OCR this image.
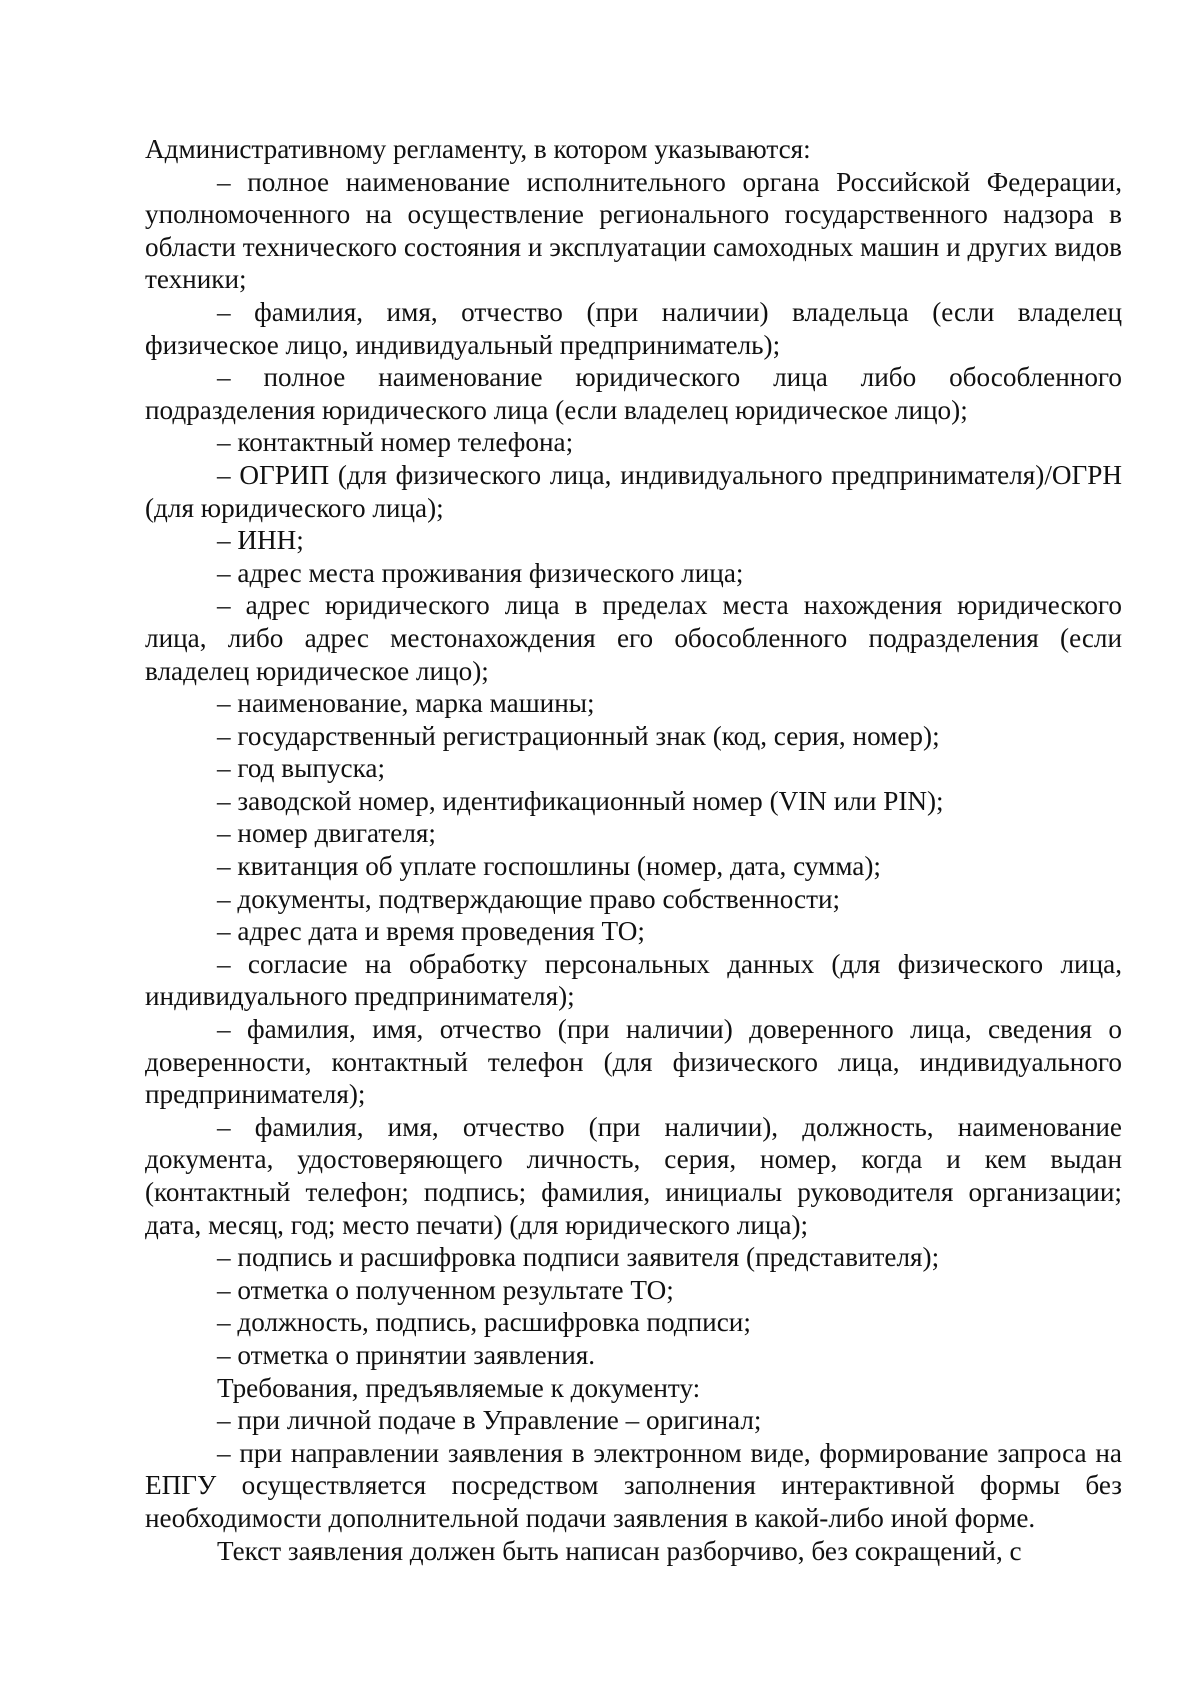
Административному регламенту, в котором указываются:

– полное наименование исполнительного органа Российской Федерации, уполномоченного на осуществление регионального государственного надзора в области технического состояния и эксплуатации самоходных машин и других видов техники;

– фамилия, имя, отчество (при наличии) владельца (если владелец физическое лицо, индивидуальный предприниматель);

– полное наименование юридического лица либо обособленного подразделения юридического лица (если владелец юридическое лицо);

– контактный номер телефона;

– ОГРИП (для физического лица, индивидуального предпринимателя)/ОГРН (для юридического лица);

– ИНН;

– адрес места проживания физического лица;

– адрес юридического лица в пределах места нахождения юридического лица, либо адрес местонахождения его обособленного подразделения (если владелец юридическое лицо);

– наименование, марка машины;

– государственный регистрационный знак (код, серия, номер);

– год выпуска;

– заводской номер, идентификационный номер (VIN или PIN);

– номер двигателя;

– квитанция об уплате госпошлины (номер, дата, сумма);

– документы, подтверждающие право собственности;

– адрес дата и время проведения ТО;

– согласие на обработку персональных данных (для физического лица, индивидуального предпринимателя);

– фамилия, имя, отчество (при наличии) доверенного лица, сведения о доверенности, контактный телефон (для физического лица, индивидуального предпринимателя);

– фамилия, имя, отчество (при наличии), должность, наименование документа, удостоверяющего личность, серия, номер, когда и кем выдан (контактный телефон; подпись; фамилия, инициалы руководителя организации; дата, месяц, год; место печати) (для юридического лица);

– подпись и расшифровка подписи заявителя (представителя);

– отметка о полученном результате ТО;

– должность, подпись, расшифровка подписи;

– отметка о принятии заявления.

Требования, предъявляемые к документу:

– при личной подаче в Управление – оригинал;

– при направлении заявления в электронном виде, формирование запроса на ЕПГУ осуществляется посредством заполнения интерактивной формы без необходимости дополнительной подачи заявления в какой-либо иной форме.

Текст заявления должен быть написан разборчиво, без сокращений, с
